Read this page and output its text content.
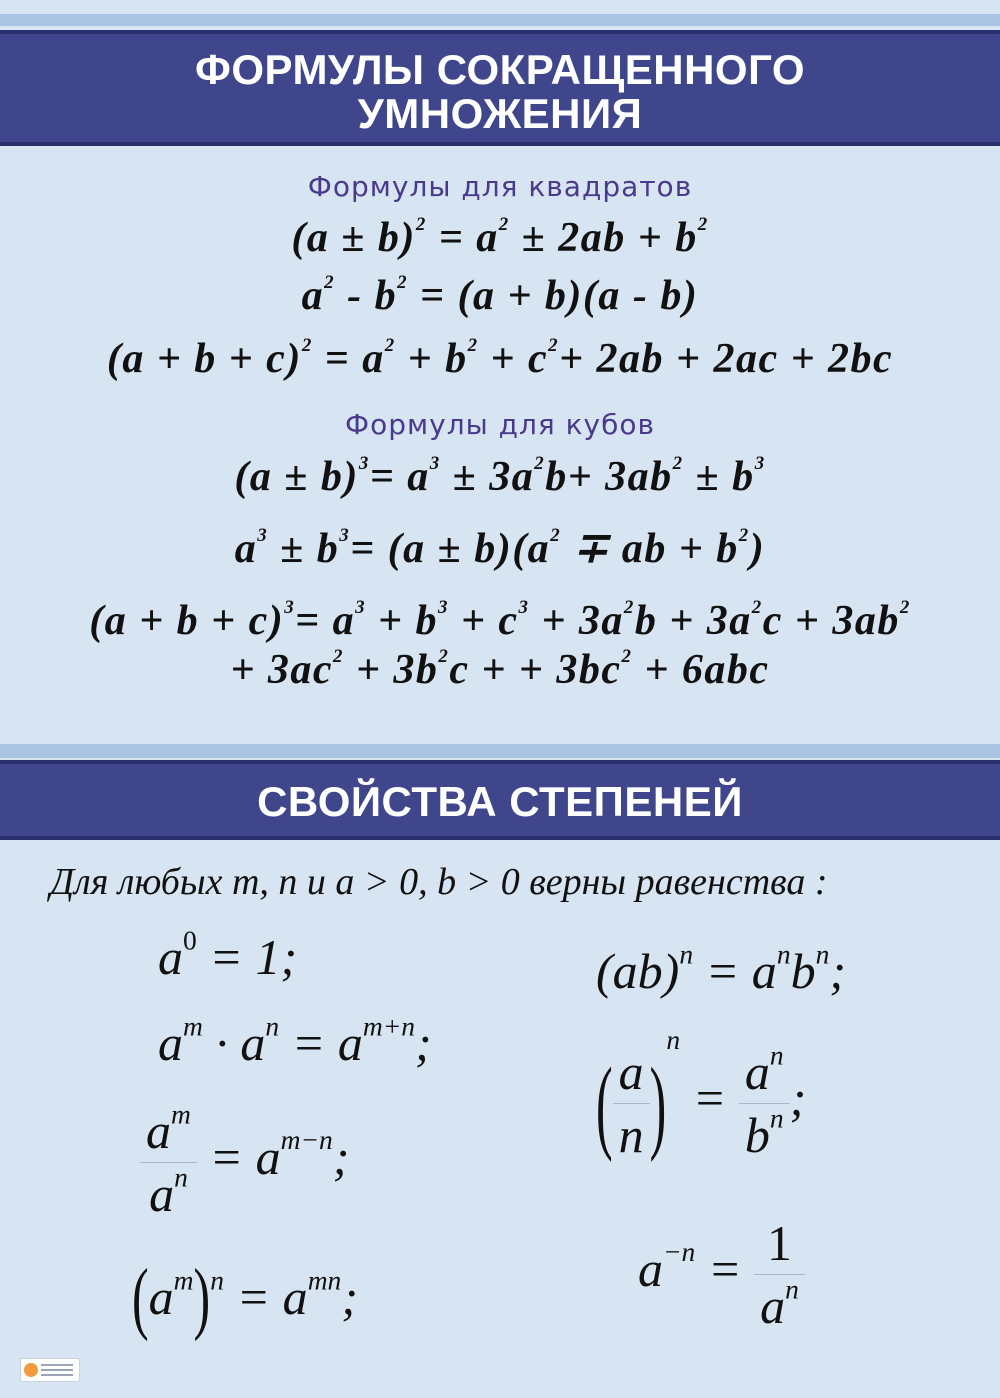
ФОРМУЛЫ СОКРАЩЕННОГО
УМНОЖЕНИЯ
Формулы для квадратов
$(a \pm b)^2 = a^2 \pm 2ab + b^2$
$a^2 - b^2 = (a + b)(a - b)$
$(a + b + c)^2 = a^2 + b^2 + c^2+ 2ab + 2ac + 2bc$
Формулы для кубов
$(a \pm b)^3= a^3 \pm 3a^2b+ 3ab^2 \pm b^3$
$a^3 \pm b^3= (a \pm b)(a^2$ ∓ ab + $b^2$)
$(a + b + c)^3= a^3 + b^3 + c^3 + 3a^2b + 3a^2c + 3ab^2$
+ $3ac^2 + 3b^2c$ + + $3bc^2 + 6abc$
СВОЙСТВА СТЕПЕНЕЙ
Для любых m, n и a > 0, b > 0 верны равенства :
$a^0 = 1$;
$a^m \cdot a^n = a^{m+n}$;
$\frac{a^m}{a^n} = a^{m-n}$;
$(a^m)^n = a^{mn}$;
$(ab)^n = a^nb^n$;
( $\frac{a}{n} )^n = \frac{a^n}{b^n}$ ;
$a^{-n} = \frac{1}{a^n}$
